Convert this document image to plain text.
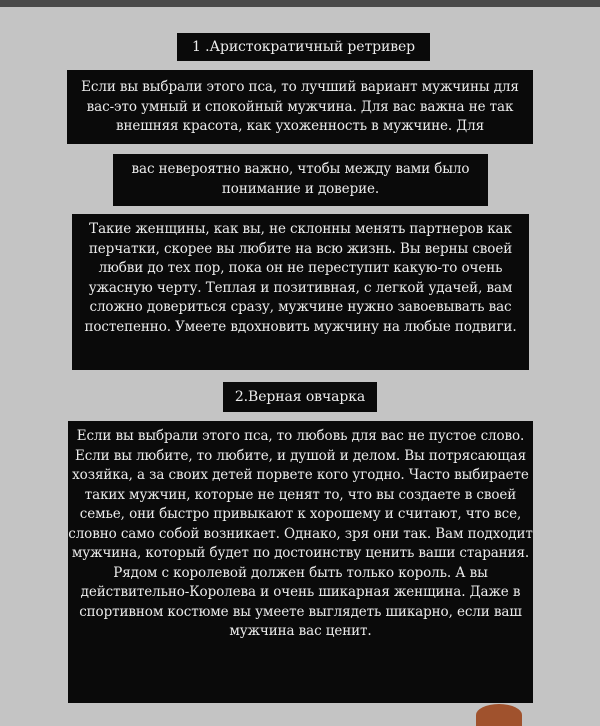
1 .Аристократичный ретривер
Если вы выбрали этого пса, то лучший вариант мужчины для вас-это умный и спокойный мужчина. Для вас важна не так внешняя красота, как ухоженность в мужчине. Для
вас невероятно важно, чтобы между вами было понимание и доверие.
Такие женщины, как вы, не склонны менять партнеров как перчатки, скорее вы любите на всю жизнь. Вы верны своей любви до тех пор, пока он не переступит какую-то очень ужасную черту. Теплая и позитивная, с легкой удачей, вам сложно довериться сразу, мужчине нужно завоевывать вас постепенно. Умеете вдохновить мужчину на любые подвиги.
2.Верная овчарка
Если вы выбрали этого пса, то любовь для вас не пустое слово. Если вы любите, то любите, и душой и делом. Вы потрясающая хозяйка, а за своих детей порвете кого угодно. Часто выбираете таких мужчин, которые не ценят то, что вы создаете в своей семье, они быстро привыкают к хорошему и считают, что все, словно само собой возникает. Однако, зря они так. Вам подходит мужчина, который будет по достоинству ценить ваши старания. Рядом с королевой должен быть только король. А вы действительно-Королева и очень шикарная женщина. Даже в спортивном костюме вы умеете выглядеть шикарно, если ваш мужчина вас ценит.
